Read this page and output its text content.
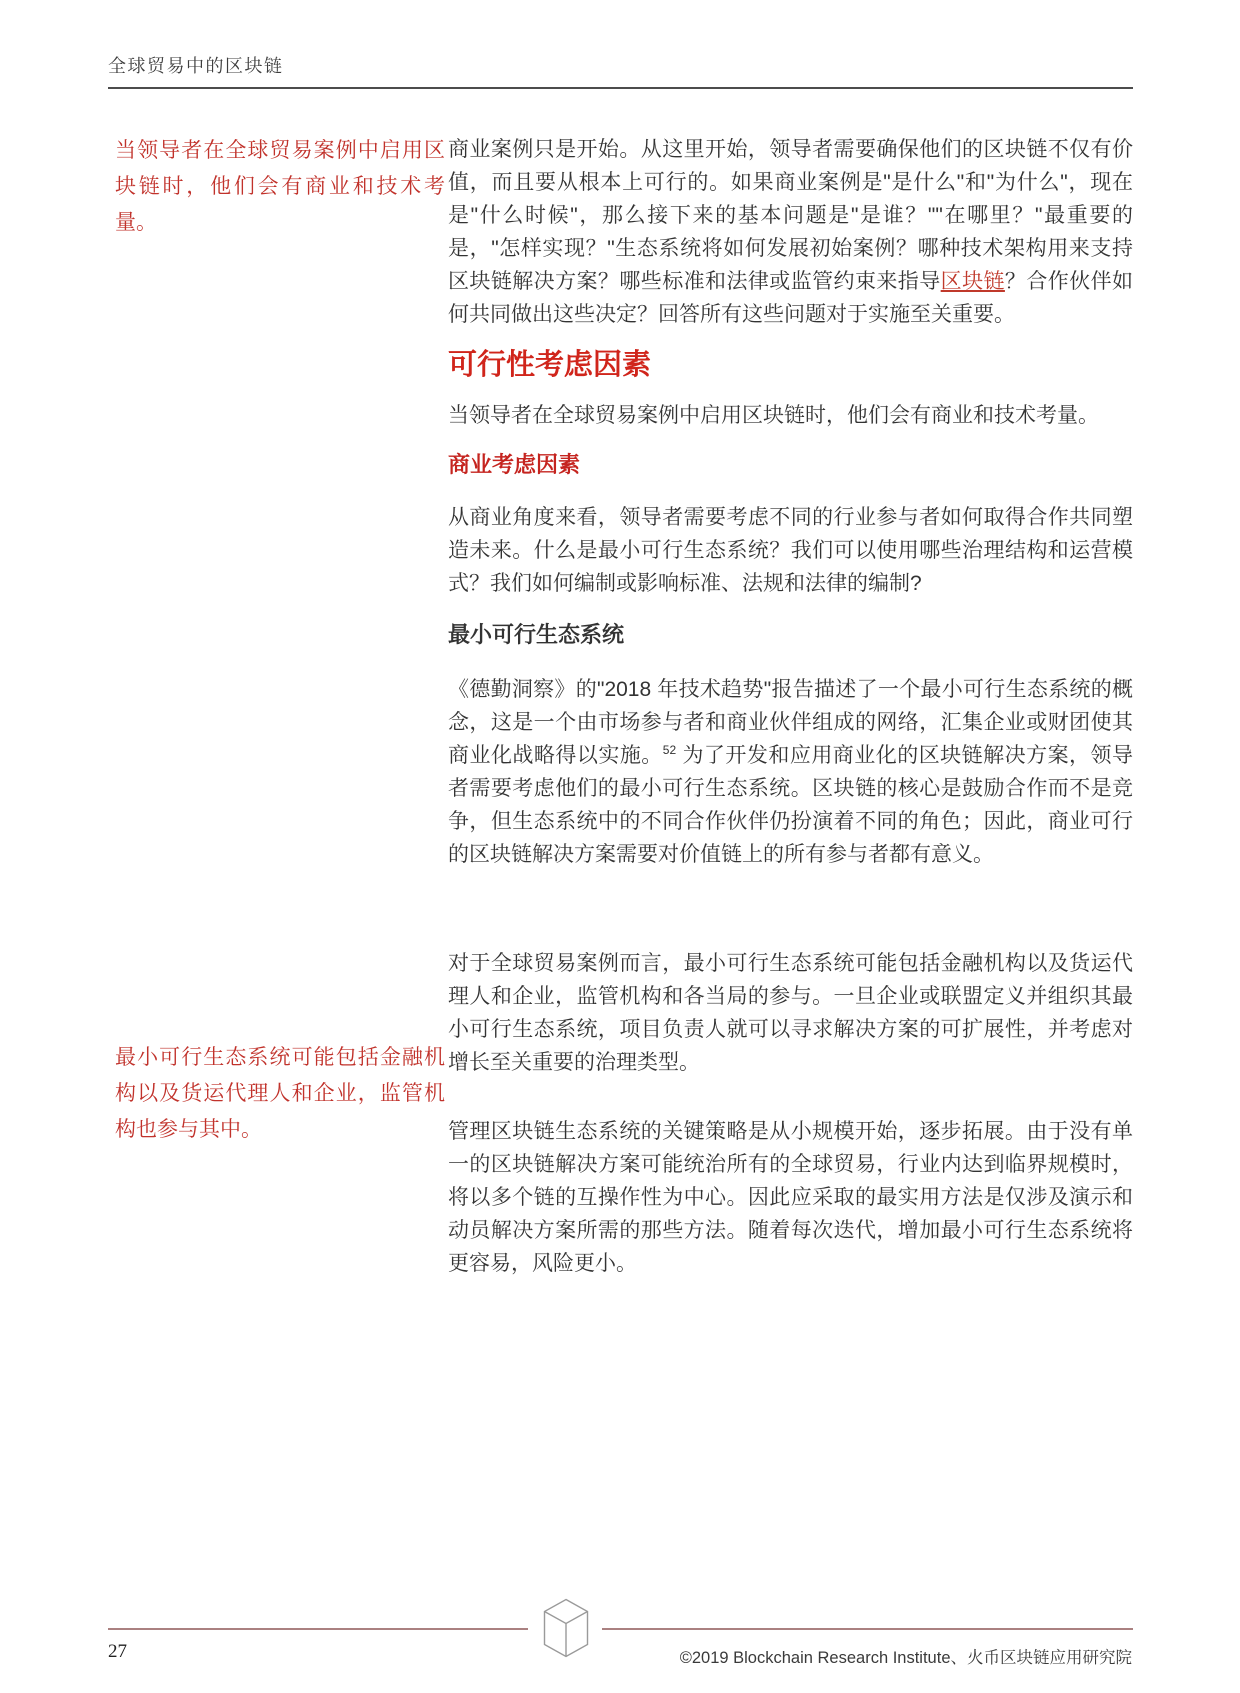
全球贸易中的区块链
当领导者在全球贸易案例中启用区块链时，他们会有商业和技术考量。
最小可行生态系统可能包括金融机构以及货运代理人和企业，监管机构也参与其中。

商业案例只是开始。从这里开始，领导者需要确保他们的区块链不仅有价值，而且要从根本上可行的。如果商业案例是"是什么"和"为什么"，现在是"什么时候"，那么接下来的基本问题是"是谁？""在哪里？"最重要的是，"怎样实现？"生态系统将如何发展初始案例？哪种技术架构用来支持区块链解决方案？哪些标准和法律或监管约束来指导区块链？合作伙伴如何共同做出这些决定？回答所有这些问题对于实施至关重要。

可行性考虑因素

当领导者在全球贸易案例中启用区块链时，他们会有商业和技术考量。

商业考虑因素

从商业角度来看，领导者需要考虑不同的行业参与者如何取得合作共同塑造未来。什么是最小可行生态系统？我们可以使用哪些治理结构和运营模式？我们如何编制或影响标准、法规和法律的编制?

最小可行生态系统

《德勤洞察》的"2018 年技术趋势"报告描述了一个最小可行生态系统的概念，这是一个由市场参与者和商业伙伴组成的网络，汇集企业或财团使其商业化战略得以实施。$^{52}$ 为了开发和应用商业化的区块链解决方案，领导者需要考虑他们的最小可行生态系统。区块链的核心是鼓励合作而不是竞争，但生态系统中的不同合作伙伴仍扮演着不同的角色；因此，商业可行的区块链解决方案需要对价值链上的所有参与者都有意义。

对于全球贸易案例而言，最小可行生态系统可能包括金融机构以及货运代理人和企业，监管机构和各当局的参与。一旦企业或联盟定义并组织其最小可行生态系统，项目负责人就可以寻求解决方案的可扩展性，并考虑对增长至关重要的治理类型。

管理区块链生态系统的关键策略是从小规模开始，逐步拓展。由于没有单一的区块链解决方案可能统治所有的全球贸易，行业内达到临界规模时，将以多个链的互操作性为中心。因此应采取的最实用方法是仅涉及演示和动员解决方案所需的那些方法。随着每次迭代，增加最小可行生态系统将更容易，风险更小。

27	©2019 Blockchain Research Institute、火币区块链应用研究院
